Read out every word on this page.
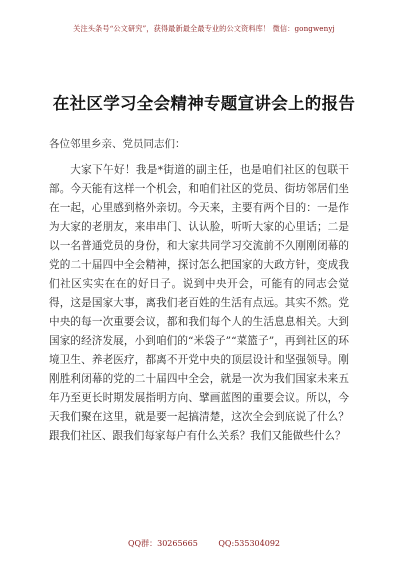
关注头条号“公文研究”，获得最新最全最专业的公文资料库！ 微信：gongwenyj
在社区学习全会精神专题宣讲会上的报告
各位邻里乡亲、党员同志们：

大家下午好！我是*街道的副主任，也是咱们社区的包联干部。今天能有这样一个机会，和咱们社区的党员、街坊邻居们坐在一起，心里感到格外亲切。今天来，主要有两个目的：一是作为大家的老朋友，来串串门、认认脸，听听大家的心里话；二是以一名普通党员的身份，和大家共同学习交流前不久刚刚闭幕的党的二十届四中全会精神，探讨怎么把国家的大政方针，变成我们社区实实在在的好日子。说到中央开会，可能有的同志会觉得，这是国家大事，离我们老百姓的生活有点远。其实不然。党中央的每一次重要会议，都和我们每个人的生活息息相关。大到国家的经济发展，小到咱们的“米袋子”“菜篮子”，再到社区的环境卫生、养老医疗，都离不开党中央的顶层设计和坚强领导。刚刚胜利闭幕的党的二十届四中全会，就是一次为我们国家未来五年乃至更长时期发展指明方向、擘画蓝图的重要会议。所以，今天我们聚在这里，就是要一起搞清楚，这次全会到底说了什么？跟我们社区、跟我们每家每户有什么关系？我们又能做些什么？

QQ群：30265665	QQ:535304092
